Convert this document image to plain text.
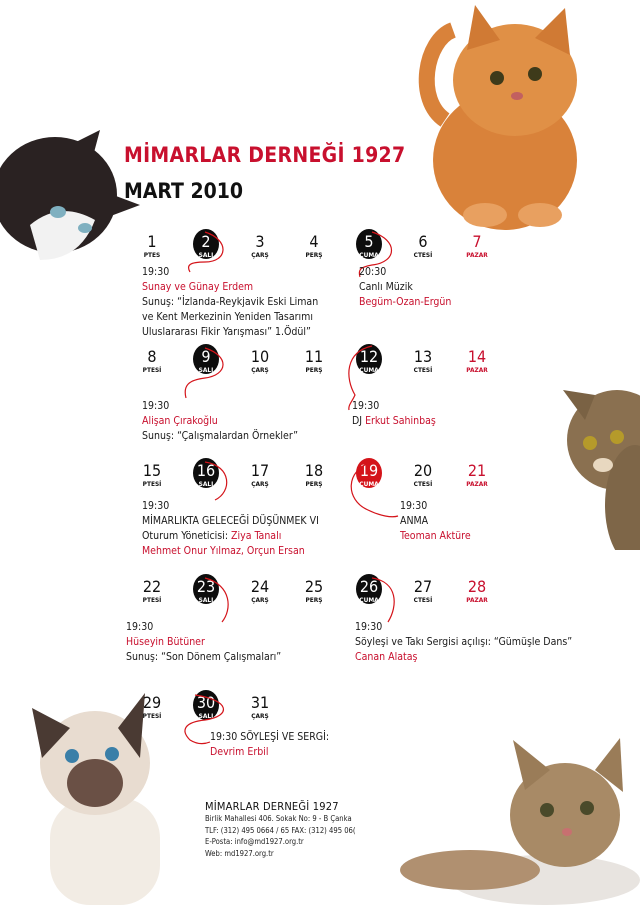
MİMARLAR DERNEĞİ 1927
MART 2010
1
PTES
2
SALI
3
ÇARŞ
4
PERŞ
5
CUMA
6
CTESİ
7
PAZAR
8
PTESİ
9
SALI
10
ÇARŞ
11
PERŞ
12
CUMA
13
CTESİ
14
PAZAR
15
PTESİ
16
SALI
17
ÇARŞ
18
PERŞ
19
CUMA
20
CTESİ
21
PAZAR
22
PTESİ
23
SALI
24
ÇARŞ
25
PERŞ
26
CUMA
27
CTESİ
28
PAZAR
29
PTESİ
30
SALI
31
ÇARŞ
19:30
Sunay ve Günay Erdem
Sunuş: “İzlanda-Reykjavik Eski Liman
ve Kent Merkezinin Yeniden Tasarımı
Uluslararası Fikir Yarışması” 1.Ödül”
20:30
Canlı Müzik
Begüm-Ozan-Ergün
19:30
Alişan Çırakoğlu
Sunuş: “Çalışmalardan Örnekler”
19:30
DJ Erkut Sahinbaş
19:30
MİMARLIKTA GELECEĞİ DÜŞÜNMEK VI
Oturum Yöneticisi: Ziya Tanalı
Mehmet Onur Yılmaz, Orçun Ersan
19:30
ANMA
Teoman Aktüre
19:30
Hüseyin Bütüner
Sunuş: “Son Dönem Çalışmaları”
19:30
Söyleşi ve Takı Sergisi açılışı: “Gümüşle Dans”
Canan Alataş
19:30 SÖYLEŞİ VE SERGİ:
Devrim Erbil
MİMARLAR DERNEĞİ 1927
Birlik Mahallesi 406. Sokak No: 9 - B Çanka
TLF: (312) 495 0664 / 65 FAX: (312) 495 06(
E-Posta: info@md1927.org.tr
Web: md1927.org.tr
